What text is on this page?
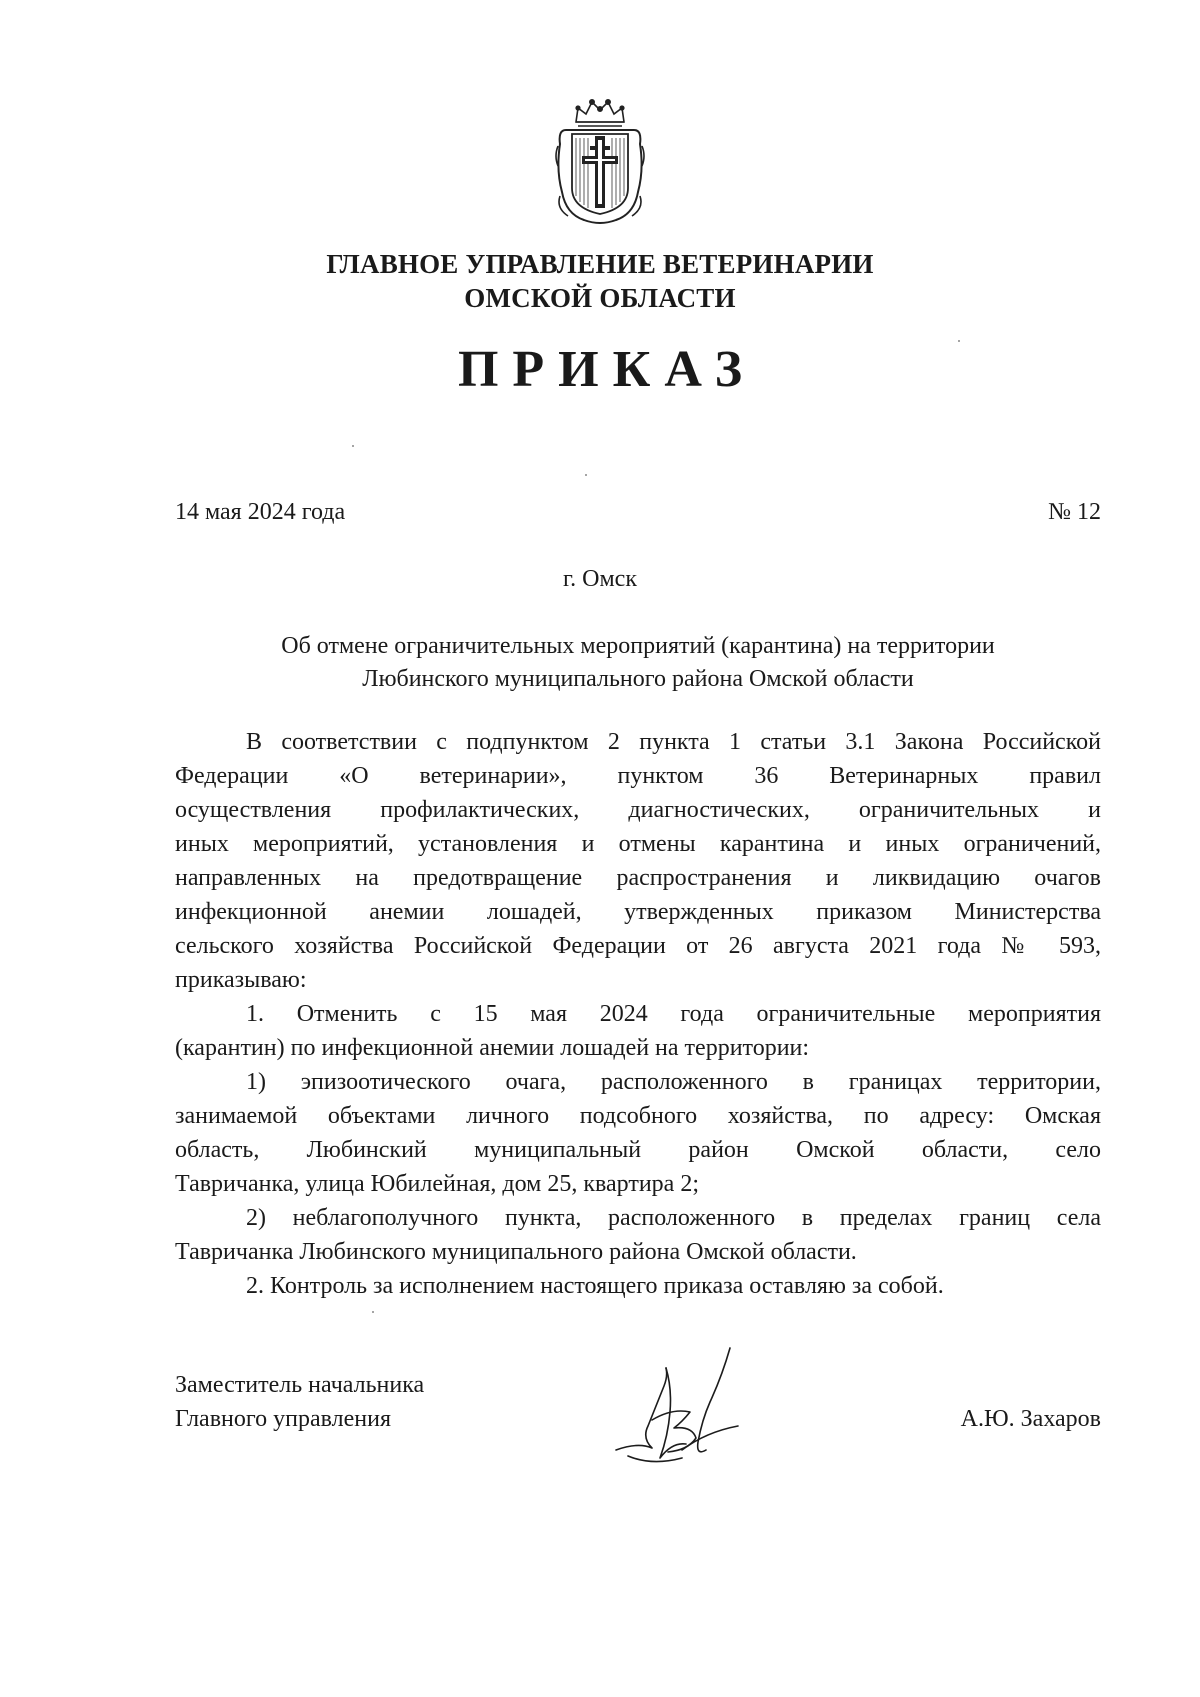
ГЛАВНОЕ УПРАВЛЕНИЕ ВЕТЕРИНАРИИ
ОМСКОЙ ОБЛАСТИ
ПРИКАЗ
14 мая 2024 года	№ 12
г. Омск
Об отмене ограничительных мероприятий (карантина) на территории
Любинского муниципального района Омской области
В соответствии с подпунктом 2 пункта 1 статьи 3.1 Закона Российской
Федерации «О ветеринарии», пунктом 36 Ветеринарных правил
осуществления профилактических, диагностических, ограничительных и
иных мероприятий, установления и отмены карантина и иных ограничений,
направленных на предотвращение распространения и ликвидацию очагов
инфекционной анемии лошадей, утвержденных приказом Министерства
сельского хозяйства Российской Федерации от 26 августа 2021 года № 593,
приказываю:
1. Отменить с 15 мая 2024 года ограничительные мероприятия
(карантин) по инфекционной анемии лошадей на территории:
1) эпизоотического очага, расположенного в границах территории,
занимаемой объектами личного подсобного хозяйства, по адресу: Омская
область, Любинский муниципальный район Омской области, село
Тавричанка, улица Юбилейная, дом 25, квартира 2;
2) неблагополучного пункта, расположенного в пределах границ села
Тавричанка Любинского муниципального района Омской области.
2. Контроль за исполнением настоящего приказа оставляю за собой.
Заместитель начальника
Главного управления	А.Ю. Захаров
